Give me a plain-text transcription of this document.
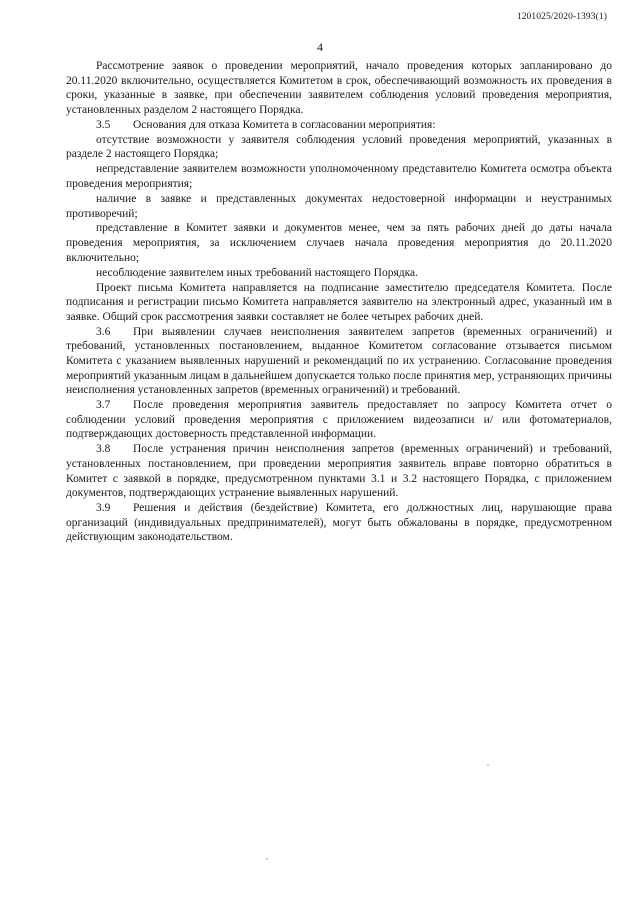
1201025/2020-1393(1)
4

Рассмотрение заявок о проведении мероприятий, начало проведения которых запланировано до 20.11.2020 включительно, осуществляется Комитетом в срок, обеспечивающий возможность их проведения в сроки, указанные в заявке, при обеспечении заявителем соблюдения условий проведения мероприятия, установленных разделом 2 настоящего Порядка.

3.5 Основания для отказа Комитета в согласовании мероприятия:

отсутствие возможности у заявителя соблюдения условий проведения мероприятий, указанных в разделе 2 настоящего Порядка;

непредставление заявителем возможности уполномоченному представителю Комитета осмотра объекта проведения мероприятия;

наличие в заявке и представленных документах недостоверной информации и неустранимых противоречий;

представление в Комитет заявки и документов менее, чем за пять рабочих дней до даты начала проведения мероприятия, за исключением случаев начала проведения мероприятия до 20.11.2020 включительно;

несоблюдение заявителем иных требований настоящего Порядка.

Проект письма Комитета направляется на подписание заместителю председателя Комитета. После подписания и регистрации письмо Комитета направляется заявителю на электронный адрес, указанный им в заявке. Общий срок рассмотрения заявки составляет не более четырех рабочих дней.

3.6 При выявлении случаев неисполнения заявителем запретов (временных ограничений) и требований, установленных постановлением, выданное Комитетом согласование отзывается письмом Комитета с указанием выявленных нарушений и рекомендаций по их устранению. Согласование проведения мероприятий указанным лицам в дальнейшем допускается только после принятия мер, устраняющих причины неисполнения установленных запретов (временных ограничений) и требований.

3.7 После проведения мероприятия заявитель предоставляет по запросу Комитета отчет о соблюдении условий проведения мероприятия с приложением видеозаписи и/ или фотоматериалов, подтверждающих достоверность представленной информации.

3.8 После устранения причин неисполнения запретов (временных ограничений) и требований, установленных постановлением, при проведении мероприятия заявитель вправе повторно обратиться в Комитет с заявкой в порядке, предусмотренном пунктами 3.1 и 3.2 настоящего Порядка, с приложением документов, подтверждающих устранение выявленных нарушений.

3.9 Решения и действия (бездействие) Комитета, его должностных лиц, нарушающие права организаций (индивидуальных предпринимателей), могут быть обжалованы в порядке, предусмотренном действующим законодательством.
